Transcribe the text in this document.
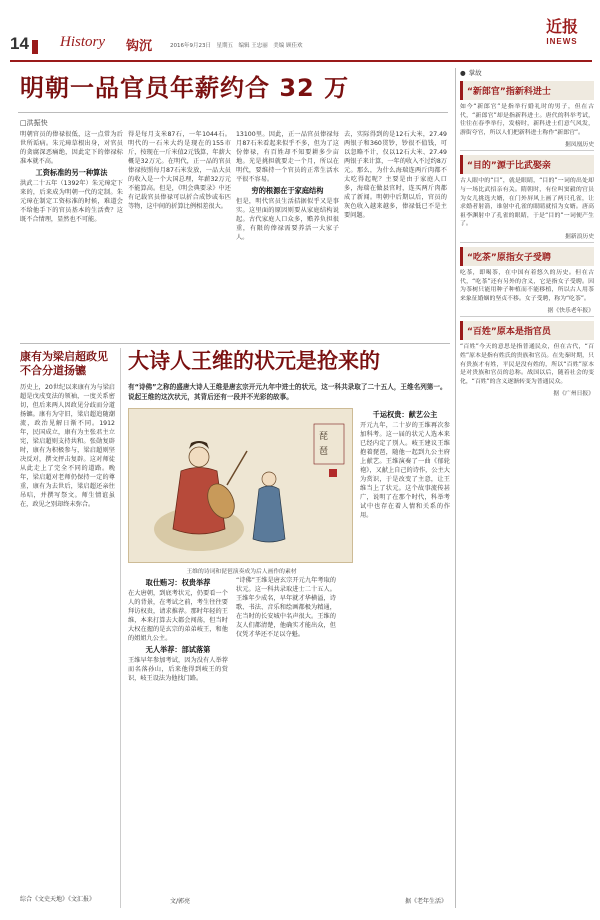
14 History 钩沉	2016年9月23日　星期五　编辑 王忠丽　美编 顾佳欢
近报
INEWS
明朝一品官员年薪约合 32 万
□洪振快

明朝官员的俸禄很低，这一点常为后世所诟病。朱元璋草根出身，对官员的贪腐深恶痛绝，因此定下的俸禄标准本就不高。

工资标准的另一种算法

洪武二十五年（1392年）朱元璋定下来的，后来成为明朝一代的定制。朱元璋在制定工资标准的时候，难道会不给他手下的官员基本的生活费？这既不合情理，显然也不可能。

得是每月支米87石，一年1044石。明代的一石米大约是现在的155市斤，按现在一斤米值2元钱算，年薪大概是32万元。在明代，正一品的官员俸禄按照每月87石米发放，一品大员的收入是一个大国总理，年薪32万元不能算高。但是，《明会典要录》中还有记载官员俸禄可以折合成钞或布匹等物，这中间的折算比例相差很大。

13100里。因此，正一品官员俸禄每月87石米看起来似乎不多，但为了这份俸禄，有百姓却不知要耕多少亩地。光是挑担就要走一个月，所以在明代，要维持一个官员的正常生活水平很不容易。

穷的根源在于家庭结构

但是，明代官员生活拮据似乎又是事实。这里面的原因则要从家庭结构说起。古代家庭人口众多，赡养负担很重，有限的俸禄需要养活一大家子人。

去，实际得到的是12石大米，27.49两银子和360贯钞，钞很不值钱，可以忽略不计，仅以12石大米、27.49两银子来计算，一年的收入不过约8万元。那么，为什么海瑞连两斤肉都不太吃得起呢？主要是由于家庭人口多，海瑞在做县官时，连买两斤肉都成了新闻。明朝中后期以后，官员的灰色收入越来越多，俸禄低已不是主要问题。

康有为梁启超政见不合分道扬镳
历史上，20世纪以来康有为与梁启超是戊戌变法的领袖，一度关系密切，但后来两人因政见分歧而分道扬镳。康有为守旧，梁启超追随潮流，政治见解日渐不同。1912年，民国成立，康有为主张君主立宪，梁启超则支持共和。张勋复辟时，康有为积极参与，梁启超则坚决反对，撰文抨击复辟。这对师徒从此走上了完全不同的道路。晚年，梁启超对老师仍保持一定的尊重，康有为去世后，梁启超还亲往吊唁，并撰写祭文。师生情谊虽在，政见之别却终未弥合。
综合《文史天地》《文汇报》
大诗人王维的状元是抢来的
有“诗佛”之称的盛唐大诗人王维是唐玄宗开元九年中进士的状元，这一科共录取了二十五人，王维名列第一。说起王维的这次状元，其背后还有一段并不光彩的故事。
琵
琶
王维的诗词和琵琶演奏成为后人画作的素材

取仕贿习：权贵举荐

在大唐朝，到底考状元，仍要看一个人的背景，在考试之前，考生往往要拜访权贵，请求推荐。那时年轻的王维，本来打算去大都会闯荡，但当时大权在握的是玄宗的弟弟岐王，和他的姐姐九公主。

无人举荐：部试落第

王维早年参加考试，因为没有人举荐而名落孙山，后来他得到岐王的赏识，岐王设法为他找门路。

“诗佛”王维是唐玄宗开元九年考取的状元。这一科共录取进士二十五人。王维年少成名，早年就才华横溢，诗歌、书法、音乐和绘画都极为精通，在当时的长安城中名声很大。王维的友人们都清楚，他确实才能出众，但仅凭才华还不足以夺魁。

千运权贵：献艺公主

开元九年，二十岁的王维再次参加科考。这一届的状元人选本来已经内定了别人。岐王建议王维抱着琵琶，随他一起到九公主府上献艺。王维演奏了一曲《郁轮袍》，又献上自己的诗作，公主大为赏识，于是改变了主意，让王维当上了状元。这个故事流传甚广，说明了在那个时代，科举考试中也存在着人情和关系的作用。

文/郭亮	据《老年生活》
● 掌故
“新郎官”指新科进士
如今“新郎官”是指举行婚礼时的男子，但在古代，“新郎官”却是指新科进士。唐代的科举考试，往往在春季举行，发榜时，新科进士们意气风发，游街夸官，所以人们把新科进士称作“新郎官”。
据凤凰历史
“目的”源于比武娶亲
古人眼中的“目”，就是眼睛，“目的”一词的出处却与一场比武招亲有关。隋朝时，有位叫窦毅的官员为女儿挑选夫婿，在门外屏风上画了两只孔雀，让求婚者射箭，谁射中孔雀的眼睛就招为女婿。唐高祖李渊射中了孔雀的眼睛，于是“目的”一词便产生了。
据新浪历史
“吃茶”原指女子受聘
吃茶，即喝茶，在中国有着悠久的历史。但在古代，“吃茶”还有另外的含义，它是指女子受聘。因为茶树只能用种子种植而不能移植，所以古人用茶来象征婚姻的坚贞不移。女子受聘，称为“吃茶”。
据《快乐老年报》
“百姓”原本是指官员
“百姓”今天的意思是指普通民众，但在古代，“百姓”原本是指有姓氏的贵族和官员。在先秦时期，只有贵族才有姓，平民是没有姓的，所以“百姓”原本是对贵族和官员的总称。战国以后，随着社会的变化，“百姓”的含义逐渐转变为普通民众。
据《广州日报》
